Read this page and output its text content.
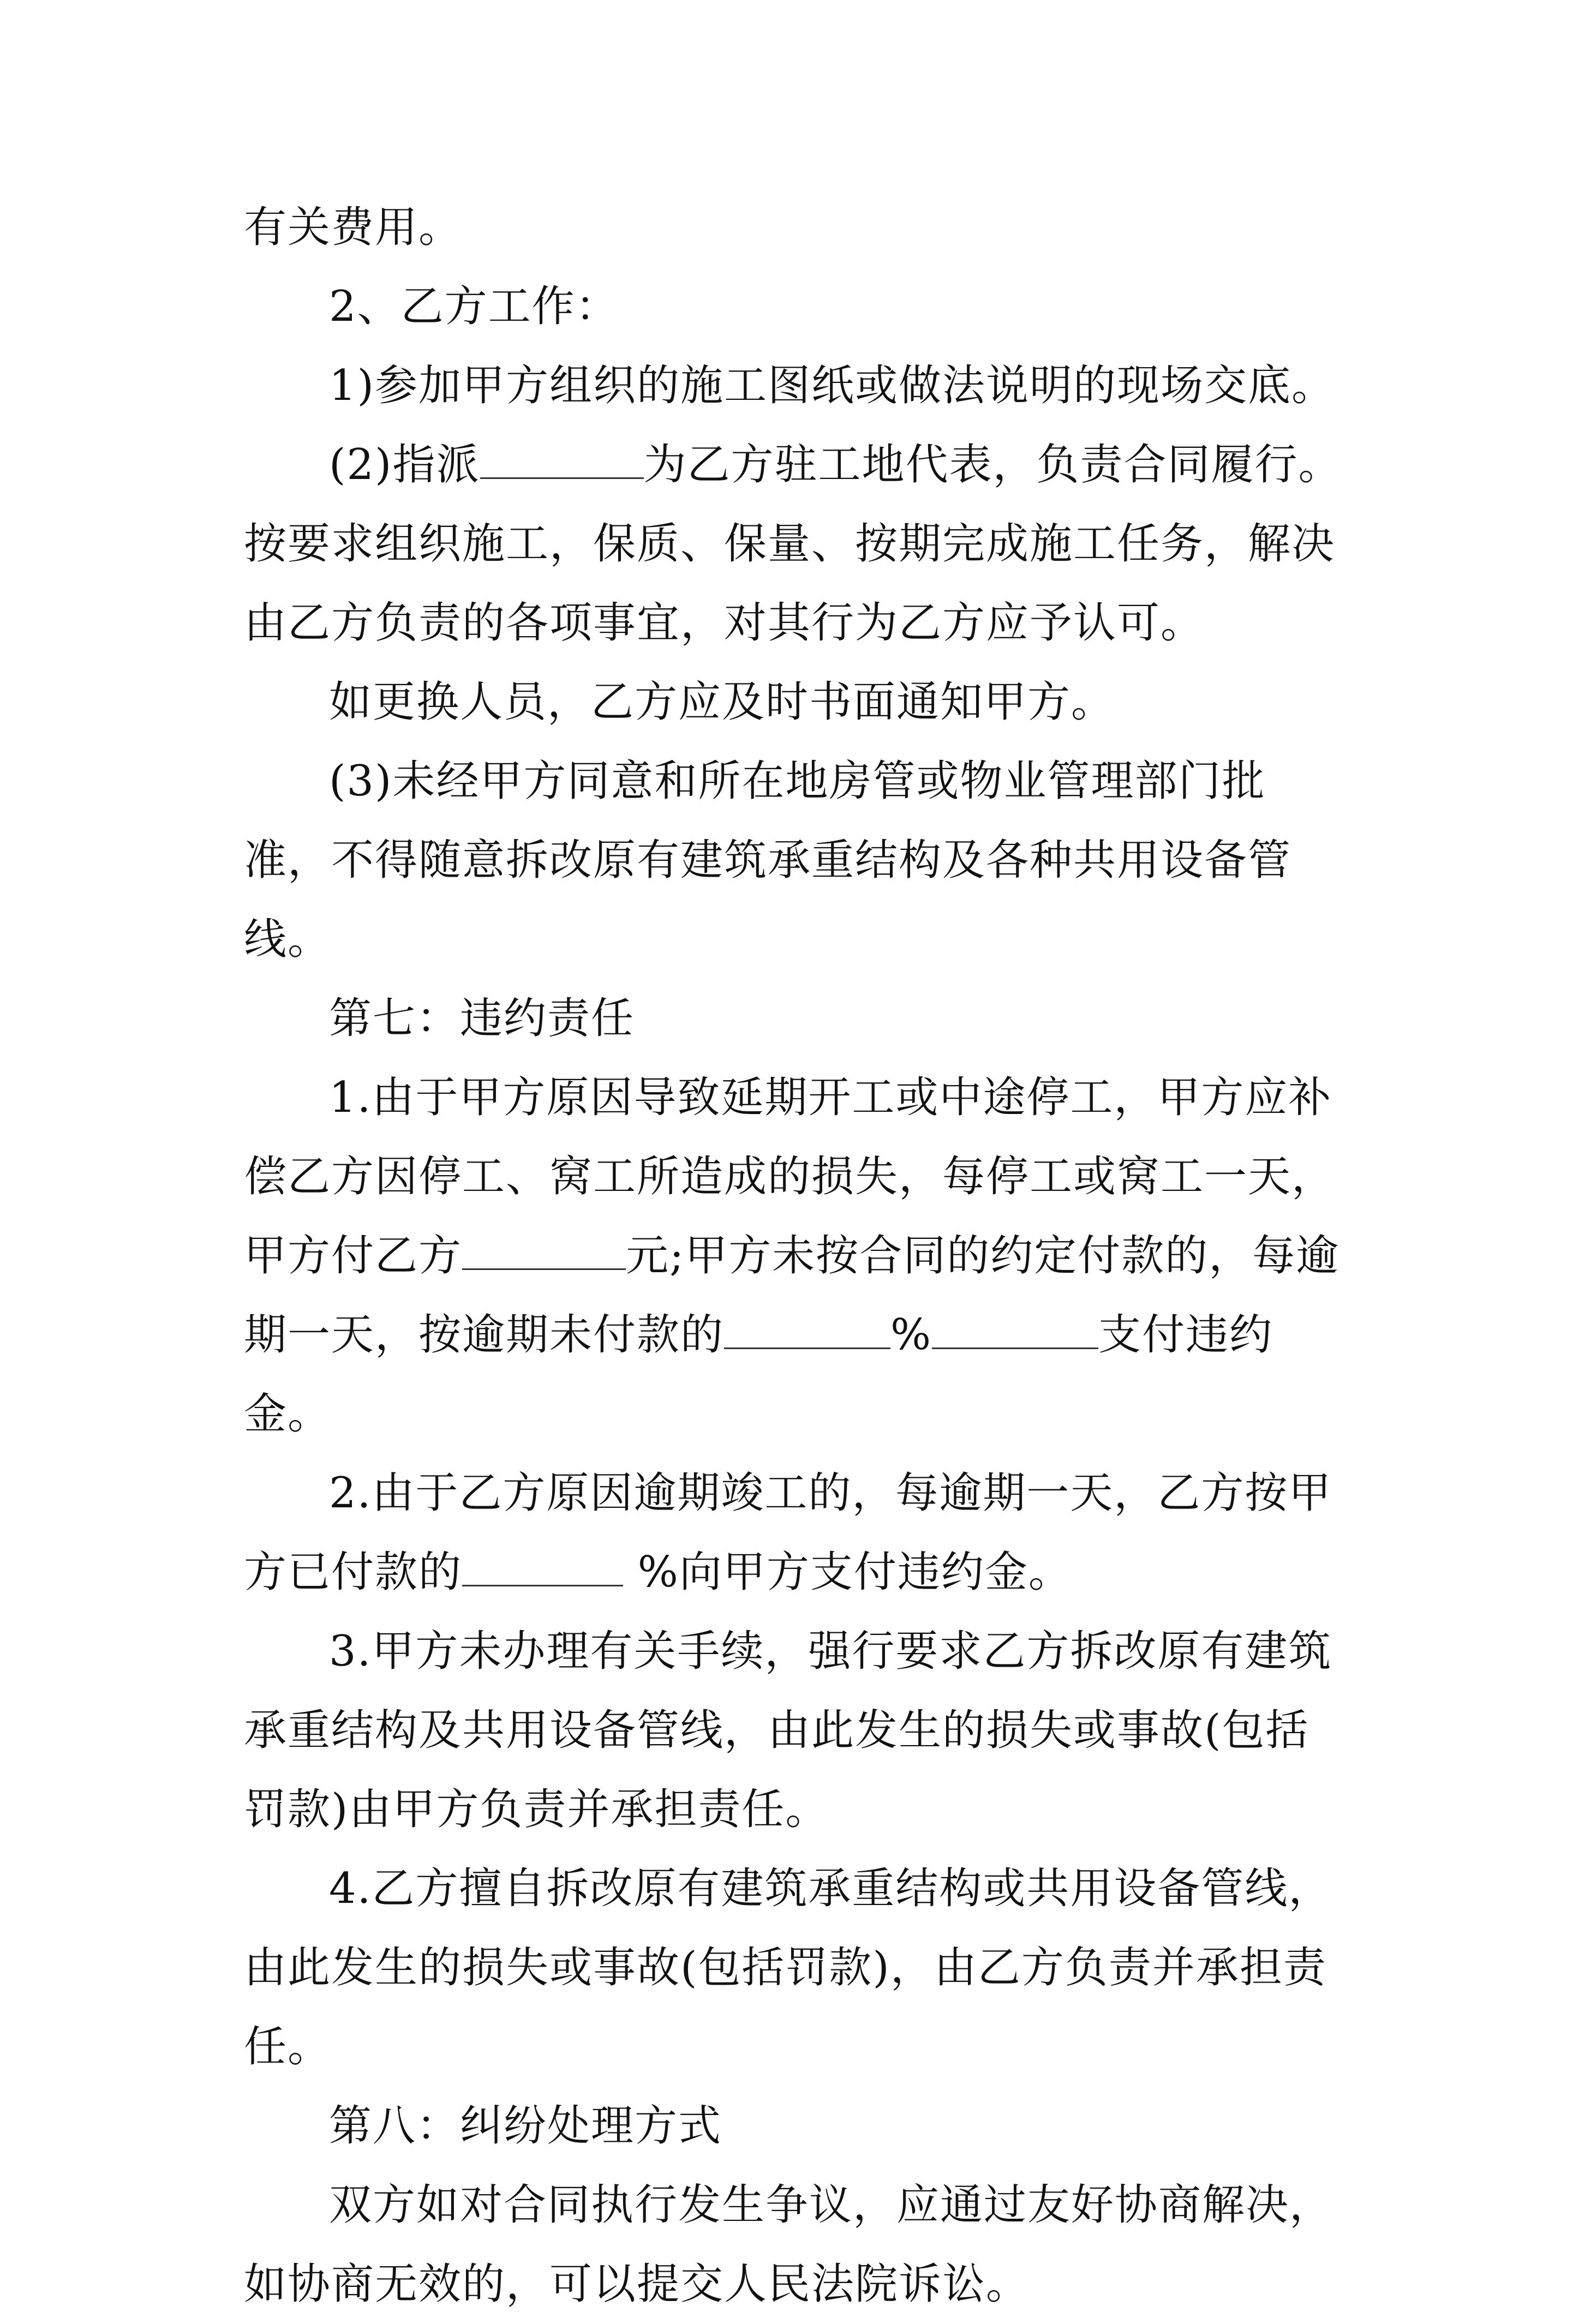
有关费用。

2、乙方工作：

1)参加甲方组织的施工图纸或做法说明的现场交底。

(2)指派	为乙方驻工地代表，负责合同履行。按要求组织施工，保质、保量、按期完成施工任务，解决由乙方负责的各项事宜，对其行为乙方应予认可。

如更换人员，乙方应及时书面通知甲方。

(3)未经甲方同意和所在地房管或物业管理部门批准，不得随意拆改原有建筑承重结构及各种共用设备管线。

第七：违约责任

1.由于甲方原因导致延期开工或中途停工，甲方应补偿乙方因停工、窝工所造成的损失，每停工或窝工一天，甲方付乙方	元;甲方未按合同的约定付款的，每逾期一天，按逾期未付款的	%	支付违约金。

2.由于乙方原因逾期竣工的，每逾期一天，乙方按甲方已付款的	%向甲方支付违约金。

3.甲方未办理有关手续，强行要求乙方拆改原有建筑承重结构及共用设备管线，由此发生的损失或事故(包括罚款)由甲方负责并承担责任。

4.乙方擅自拆改原有建筑承重结构或共用设备管线，由此发生的损失或事故(包括罚款)，由乙方负责并承担责任。

第八：纠纷处理方式

双方如对合同执行发生争议，应通过友好协商解决，如协商无效的，可以提交人民法院诉讼。
